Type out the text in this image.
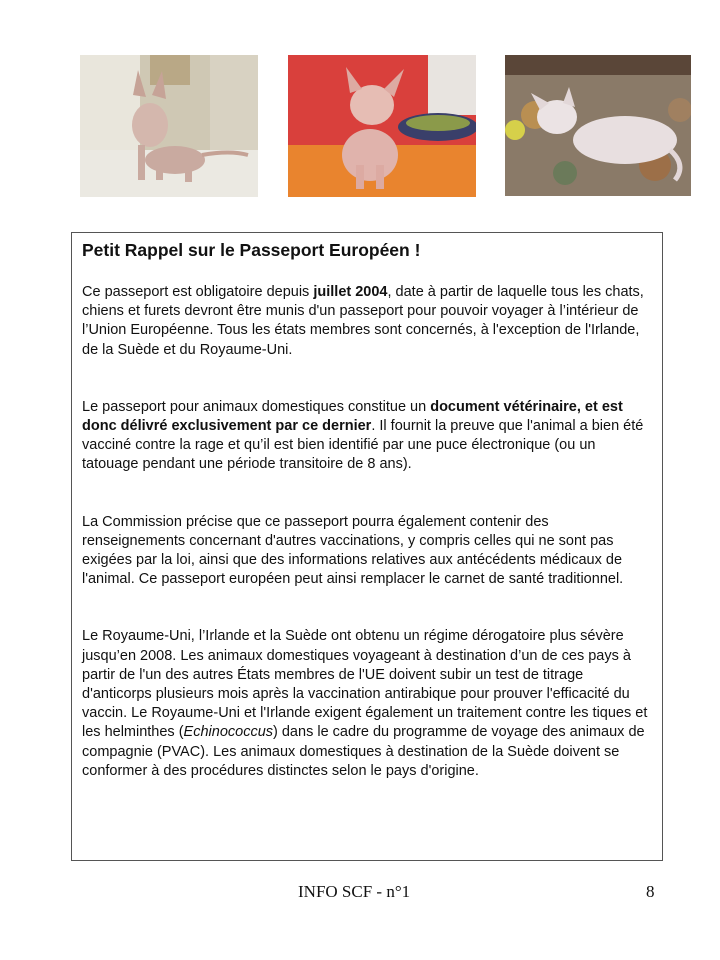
Petit Rappel sur le Passeport Européen !

Ce passeport est obligatoire depuis juillet 2004, date à partir de laquelle tous les chats, chiens et furets devront être munis d'un passeport pour pouvoir voyager à l’intérieur de l’Union Européenne. Tous les états membres sont concernés, à l'exception de l'Irlande, de la Suède et du Royaume-Uni.

Le passeport pour animaux domestiques constitue un document vétérinaire, et est donc délivré exclusivement par ce dernier. Il fournit la preuve que l'animal a bien été vacciné contre la rage et qu’il est bien identifié par une puce électronique (ou un tatouage pendant une période transitoire de 8 ans).

La Commission précise que ce passeport pourra également contenir des renseignements concernant d'autres vaccinations, y compris celles qui ne sont pas exigées par la loi, ainsi que des informations relatives aux antécédents médicaux de l'animal. Ce passeport européen peut ainsi remplacer le carnet de santé traditionnel.

Le Royaume-Uni, l’Irlande et la Suède ont obtenu un régime dérogatoire plus sévère jusqu’en 2008. Les animaux domestiques voyageant à destination d’un de ces pays à partir de l'un des autres États membres de l'UE doivent subir un test de titrage d'anticorps plusieurs mois après la vaccination antirabique pour prouver l'efficacité du vaccin. Le Royaume-Uni et l'Irlande exigent également un traitement contre les tiques et les helminthes (Echinococcus) dans le cadre du programme de voyage des animaux de compagnie (PVAC). Les animaux domestiques à destination de la Suède doivent se conformer à des procédures distinctes selon le pays d'origine.

INFO SCF - n°1	8
